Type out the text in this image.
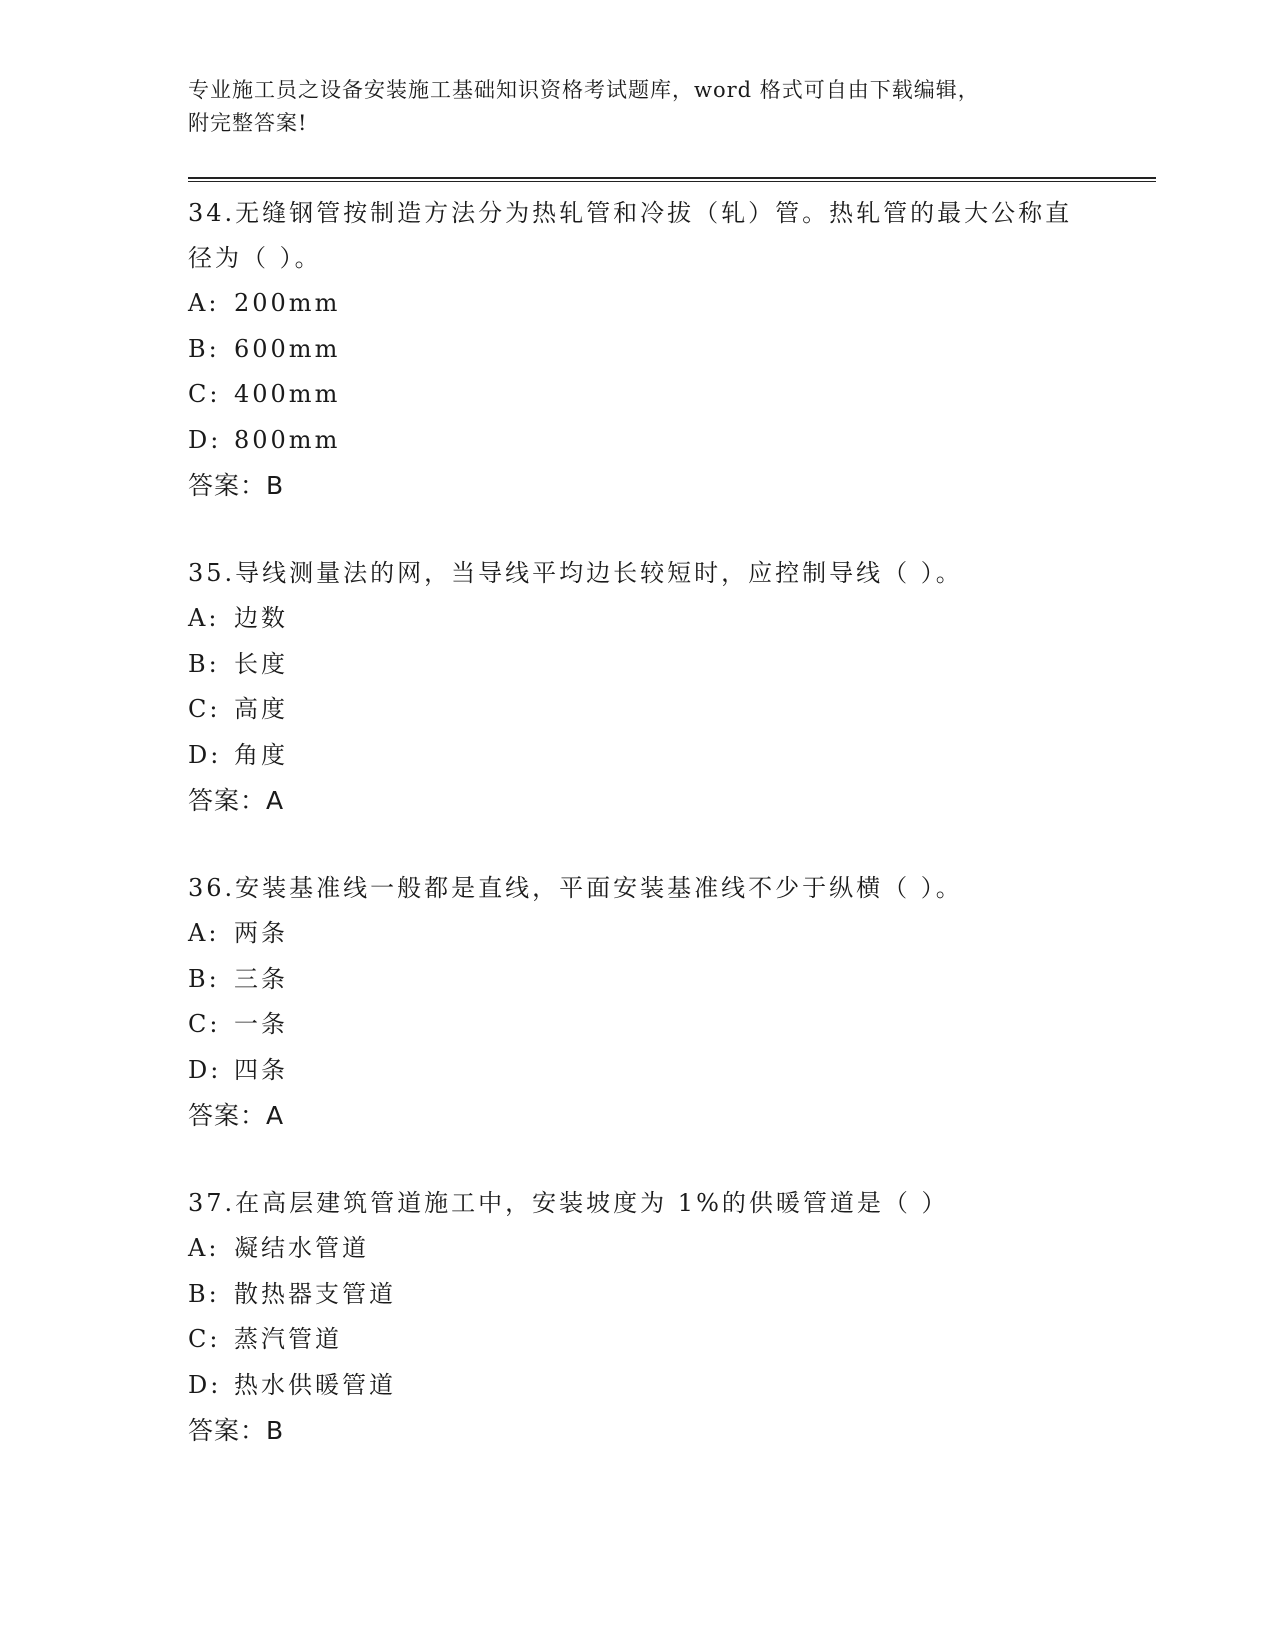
专业施工员之设备安装施工基础知识资格考试题库，word 格式可自由下载编辑，
附完整答案!

34.无缝钢管按制造方法分为热轧管和冷拔（轧）管。热轧管的最大公称直径为（ ）。

A: 200mm

B: 600mm

C: 400mm

D: 800mm

答案：B

35.导线测量法的网，当导线平均边长较短时，应控制导线（ ）。

A: 边数

B: 长度

C: 高度

D: 角度

答案：A

36.安装基准线一般都是直线，平面安装基准线不少于纵横（ ）。

A: 两条

B: 三条

C: 一条

D: 四条

答案：A

37.在高层建筑管道施工中，安装坡度为 1%的供暖管道是（ ）

A: 凝结水管道

B: 散热器支管道

C: 蒸汽管道

D: 热水供暖管道

答案：B
